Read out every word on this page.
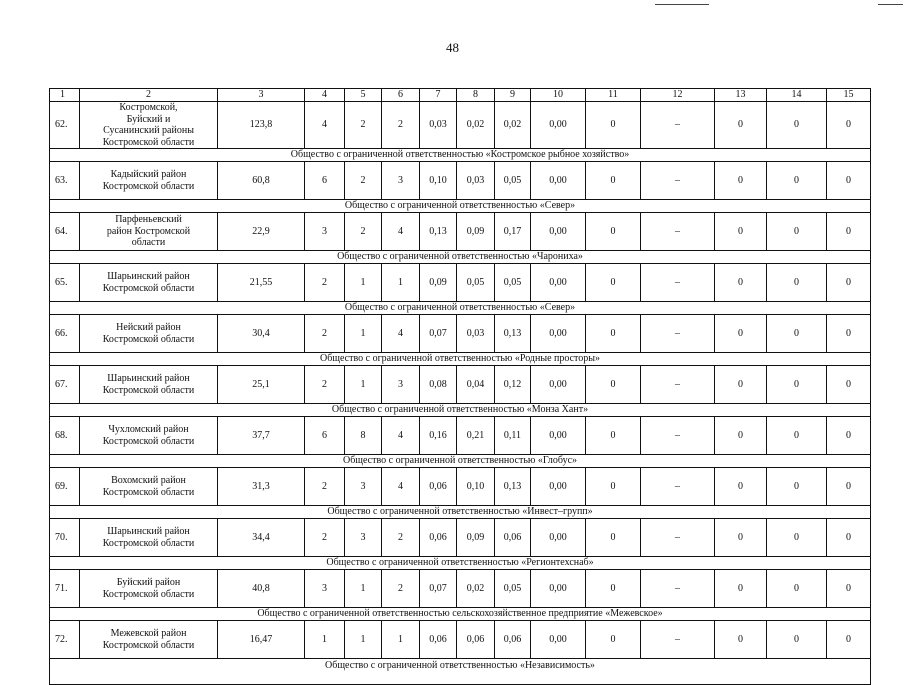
48
1	2	3	4	5	6	7	8	9	10	11	12	13	14	15
62.	Костромской,
Буйский и
Сусанинский районы
Костромской области	123,8	4	2	2	0,03	0,02	0,02	0,00	0	–	0	0	0
Общество с ограниченной ответственностью «Костромское рыбное хозяйство»														
63.	Кадыйский район
Костромской области	60,8	6	2	3	0,10	0,03	0,05	0,00	0	–	0	0	0
Общество с ограниченной ответственностью «Север»														
64.	Парфеньевский
район Костромской
области	22,9	3	2	4	0,13	0,09	0,17	0,00	0	–	0	0	0
Общество с ограниченной ответственностью «Чарониха»														
65.	Шарьинский район
Костромской области	21,55	2	1	1	0,09	0,05	0,05	0,00	0	–	0	0	0
Общество с ограниченной ответственностью «Север»														
66.	Нейский район
Костромской области	30,4	2	1	4	0,07	0,03	0,13	0,00	0	–	0	0	0
Общество с ограниченной ответственностью «Родные просторы»														
67.	Шарьинский район
Костромской области	25,1	2	1	3	0,08	0,04	0,12	0,00	0	–	0	0	0
Общество с ограниченной ответственностью «Монза Хант»														
68.	Чухломский район
Костромской области	37,7	6	8	4	0,16	0,21	0,11	0,00	0	–	0	0	0
Общество с ограниченной ответственностью «Глобус»														
69.	Вохомский район
Костромской области	31,3	2	3	4	0,06	0,10	0,13	0,00	0	–	0	0	0
Общество с ограниченной ответственностью «Инвест–групп»														
70.	Шарьинский район
Костромской области	34,4	2	3	2	0,06	0,09	0,06	0,00	0	–	0	0	0
Общество с ограниченной ответственностью «Регионтехснаб»														
71.	Буйский район
Костромской области	40,8	3	1	2	0,07	0,02	0,05	0,00	0	–	0	0	0
Общество с ограниченной ответственностью сельскохозяйственное предприятие «Межевское»														
72.	Межевской район
Костромской области	16,47	1	1	1	0,06	0,06	0,06	0,00	0	–	0	0	0
Общество с ограниченной ответственностью «Независимость»														
